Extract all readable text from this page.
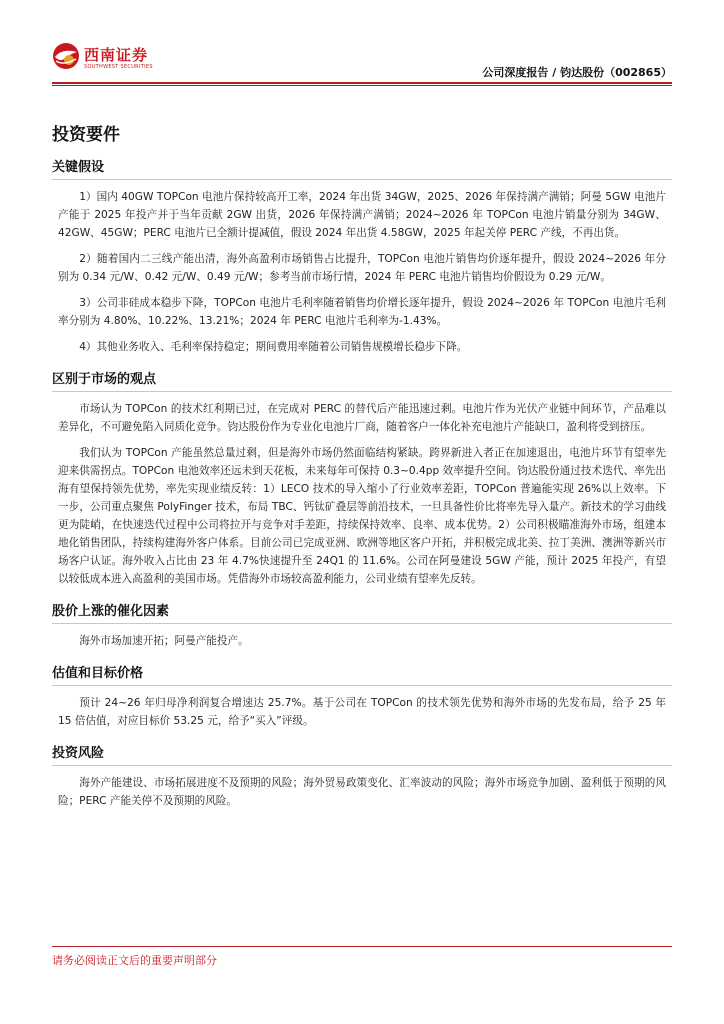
西南证券
SOUTHWEST SECURITIES	公司深度报告 / 钧达股份（002865）
投资要件
关键假设

1）国内 40GW TOPCon 电池片保持较高开工率，2024 年出货 34GW，2025、2026 年保持满产满销；阿曼 5GW 电池片产能于 2025 年投产并于当年贡献 2GW 出货，2026 年保持满产满销；2024~2026 年 TOPCon 电池片销量分别为 34GW、42GW、45GW；PERC 电池片已全额计提减值，假设 2024 年出货 4.58GW，2025 年起关停 PERC 产线，不再出货。

2）随着国内二三线产能出清，海外高盈利市场销售占比提升，TOPCon 电池片销售均价逐年提升，假设 2024~2026 年分别为 0.34 元/W、0.42 元/W、0.49 元/W；参考当前市场行情，2024 年 PERC 电池片销售均价假设为 0.29 元/W。

3）公司非硅成本稳步下降，TOPCon 电池片毛利率随着销售均价增长逐年提升，假设 2024~2026 年 TOPCon 电池片毛利率分别为 4.80%、10.22%、13.21%；2024 年 PERC 电池片毛利率为-1.43%。

4）其他业务收入、毛利率保持稳定；期间费用率随着公司销售规模增长稳步下降。

区别于市场的观点

市场认为 TOPCon 的技术红利期已过，在完成对 PERC 的替代后产能迅速过剩。电池片作为光伏产业链中间环节，产品难以差异化，不可避免陷入同质化竞争。钧达股份作为专业化电池片厂商，随着客户一体化补充电池片产能缺口，盈利将受到挤压。

我们认为 TOPCon 产能虽然总量过剩，但是海外市场仍然面临结构紧缺。跨界新进入者正在加速退出，电池片环节有望率先迎来供需拐点。TOPCon 电池效率还远未到天花板，未来每年可保持 0.3~0.4pp 效率提升空间。钧达股份通过技术迭代、率先出海有望保持领先优势，率先实现业绩反转：1）LECO 技术的导入缩小了行业效率差距，TOPCon 普遍能实现 26%以上效率。下一步，公司重点聚焦 PolyFinger 技术，布局 TBC、钙钛矿叠层等前沿技术，一旦具备性价比将率先导入量产。新技术的学习曲线更为陡峭，在快速迭代过程中公司将拉开与竞争对手差距，持续保持效率、良率、成本优势。2）公司积极瞄准海外市场，组建本地化销售团队，持续构建海外客户体系。目前公司已完成亚洲、欧洲等地区客户开拓，并积极完成北美、拉丁美洲、澳洲等新兴市场客户认证。海外收入占比由 23 年 4.7%快速提升至 24Q1 的 11.6%。公司在阿曼建设 5GW 产能，预计 2025 年投产，有望以较低成本进入高盈利的美国市场。凭借海外市场较高盈利能力，公司业绩有望率先反转。

股价上涨的催化因素

海外市场加速开拓；阿曼产能投产。

估值和目标价格

预计 24~26 年归母净利润复合增速达 25.7%。基于公司在 TOPCon 的技术领先优势和海外市场的先发布局，给予 25 年 15 倍估值，对应目标价 53.25 元，给予“买入”评级。

投资风险

海外产能建设、市场拓展进度不及预期的风险；海外贸易政策变化、汇率波动的风险；海外市场竞争加剧、盈利低于预期的风险；PERC 产能关停不及预期的风险。

请务必阅读正文后的重要声明部分
